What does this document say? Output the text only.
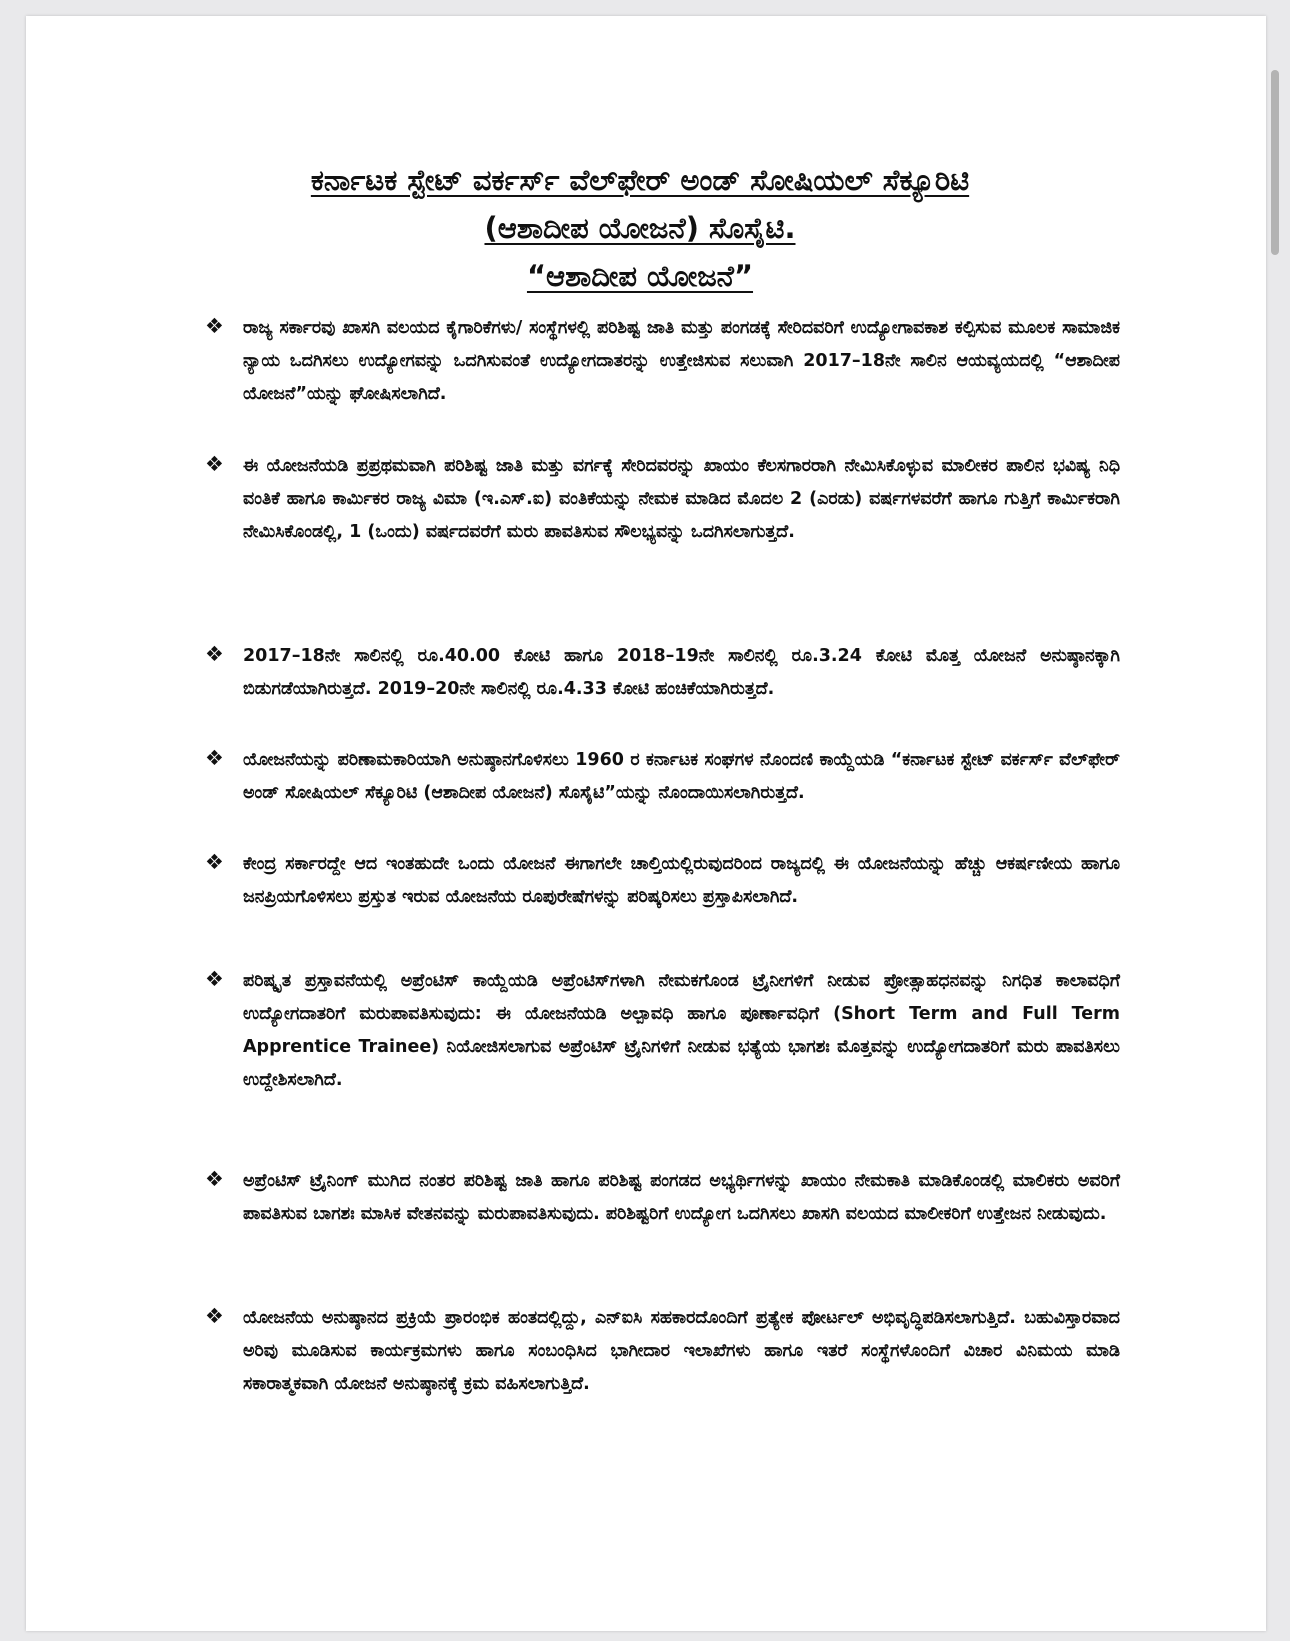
ಕರ್ನಾಟಕ ಸ್ಟೇಟ್ ವರ್ಕರ್ಸ್ ವೆಲ್‌ಫೇರ್ ಅಂಡ್ ಸೋಷಿಯಲ್ ಸೆಕ್ಯೂರಿಟಿ
(ಆಶಾದೀಪ ಯೋಜನೆ) ಸೊಸೈಟಿ.
“ಆಶಾದೀಪ ಯೋಜನೆ”
❖ ರಾಜ್ಯ ಸರ್ಕಾರವು ಖಾಸಗಿ ವಲಯದ ಕೈಗಾರಿಕೆಗಳು/ ಸಂಸ್ಥೆಗಳಲ್ಲಿ ಪರಿಶಿಷ್ಟ ಜಾತಿ ಮತ್ತು ಪಂಗಡಕ್ಕೆ ಸೇರಿದವರಿಗೆ ಉದ್ಯೋಗಾವಕಾಶ ಕಲ್ಪಿಸುವ ಮೂಲಕ ಸಾಮಾಜಿಕ ನ್ಯಾಯ ಒದಗಿಸಲು ಉದ್ಯೋಗವನ್ನು ಒದಗಿಸುವಂತೆ ಉದ್ಯೋಗದಾತರನ್ನು ಉತ್ತೇಜಿಸುವ ಸಲುವಾಗಿ 2017–18ನೇ ಸಾಲಿನ ಆಯವ್ಯಯದಲ್ಲಿ “ಆಶಾದೀಪ ಯೋಜನೆ”ಯನ್ನು ಘೋಷಿಸಲಾಗಿದೆ.
❖ ಈ ಯೋಜನೆಯಡಿ ಪ್ರಪ್ರಥಮವಾಗಿ ಪರಿಶಿಷ್ಟ ಜಾತಿ ಮತ್ತು ವರ್ಗಕ್ಕೆ ಸೇರಿದವರನ್ನು ಖಾಯಂ ಕೆಲಸಗಾರರಾಗಿ ನೇಮಿಸಿಕೊಳ್ಳುವ ಮಾಲೀಕರ ಪಾಲಿನ ಭವಿಷ್ಯ ನಿಧಿ ವಂತಿಕೆ ಹಾಗೂ ಕಾರ್ಮಿಕರ ರಾಜ್ಯ ವಿಮಾ (ಇ.ಎಸ್.ಐ) ವಂತಿಕೆಯನ್ನು ನೇಮಕ ಮಾಡಿದ ಮೊದಲ 2 (ಎರಡು) ವರ್ಷಗಳವರೆಗೆ ಹಾಗೂ ಗುತ್ತಿಗೆ ಕಾರ್ಮಿಕರಾಗಿ ನೇಮಿಸಿಕೊಂಡಲ್ಲಿ, 1 (ಒಂದು) ವರ್ಷದವರೆಗೆ ಮರು ಪಾವತಿಸುವ ಸೌಲಭ್ಯವನ್ನು ಒದಗಿಸಲಾಗುತ್ತದೆ.
❖ 2017–18ನೇ ಸಾಲಿನಲ್ಲಿ ರೂ.40.00 ಕೋಟಿ ಹಾಗೂ 2018–19ನೇ ಸಾಲಿನಲ್ಲಿ ರೂ.3.24 ಕೋಟಿ ಮೊತ್ತ ಯೋಜನೆ ಅನುಷ್ಠಾನಕ್ಕಾಗಿ ಬಿಡುಗಡೆಯಾಗಿರುತ್ತದೆ. 2019–20ನೇ ಸಾಲಿನಲ್ಲಿ ರೂ.4.33 ಕೋಟಿ ಹಂಚಿಕೆಯಾಗಿರುತ್ತದೆ.
❖ ಯೋಜನೆಯನ್ನು ಪರಿಣಾಮಕಾರಿಯಾಗಿ ಅನುಷ್ಠಾನಗೊಳಿಸಲು 1960 ರ ಕರ್ನಾಟಕ ಸಂಘಗಳ ನೊಂದಣಿ ಕಾಯ್ದೆಯಡಿ “ಕರ್ನಾಟಕ ಸ್ಟೇಟ್ ವರ್ಕರ್ಸ್ ವೆಲ್‌ಫೇರ್ ಅಂಡ್ ಸೋಷಿಯಲ್ ಸೆಕ್ಯೂರಿಟಿ (ಆಶಾದೀಪ ಯೋಜನೆ) ಸೊಸೈಟಿ”ಯನ್ನು ನೊಂದಾಯಿಸಲಾಗಿರುತ್ತದೆ.
❖ ಕೇಂದ್ರ ಸರ್ಕಾರದ್ದೇ ಆದ ಇಂತಹುದೇ ಒಂದು ಯೋಜನೆ ಈಗಾಗಲೇ ಚಾಲ್ತಿಯಲ್ಲಿರುವುದರಿಂದ ರಾಜ್ಯದಲ್ಲಿ ಈ ಯೋಜನೆಯನ್ನು ಹೆಚ್ಚು ಆಕರ್ಷಣೀಯ ಹಾಗೂ ಜನಪ್ರಿಯಗೊಳಿಸಲು ಪ್ರಸ್ತುತ ಇರುವ ಯೋಜನೆಯ ರೂಪುರೇಷೆಗಳನ್ನು ಪರಿಷ್ಕರಿಸಲು ಪ್ರಸ್ತಾಪಿಸಲಾಗಿದೆ.
❖ ಪರಿಷ್ಕೃತ ಪ್ರಸ್ತಾವನೆಯಲ್ಲಿ ಅಪ್ರೆಂಟಿಸ್ ಕಾಯ್ದೆಯಡಿ ಅಪ್ರೆಂಟಿಸ್‌ಗಳಾಗಿ ನೇಮಕಗೊಂಡ ಟ್ರೈನೀಗಳಿಗೆ ನೀಡುವ ಪ್ರೋತ್ಸಾಹಧನವನ್ನು ನಿಗಧಿತ ಕಾಲಾವಧಿಗೆ ಉದ್ಯೋಗದಾತರಿಗೆ ಮರುಪಾವತಿಸುವುದು: ಈ ಯೋಜನೆಯಡಿ ಅಲ್ಪಾವಧಿ ಹಾಗೂ ಪೂರ್ಣಾವಧಿಗೆ (Short Term and Full Term Apprentice Trainee) ನಿಯೋಜಿಸಲಾಗುವ ಅಪ್ರೆಂಟಿಸ್ ಟ್ರೈನಿಗಳಿಗೆ ನೀಡುವ ಭತ್ಯೆಯ ಭಾಗಶಃ ಮೊತ್ತವನ್ನು ಉದ್ಯೋಗದಾತರಿಗೆ ಮರು ಪಾವತಿಸಲು ಉದ್ದೇಶಿಸಲಾಗಿದೆ.
❖ ಅಪ್ರೆಂಟಿಸ್ ಟ್ರೈನಿಂಗ್ ಮುಗಿದ ನಂತರ ಪರಿಶಿಷ್ಟ ಜಾತಿ ಹಾಗೂ ಪರಿಶಿಷ್ಟ ಪಂಗಡದ ಅಭ್ಯರ್ಥಿಗಳನ್ನು ಖಾಯಂ ನೇಮಕಾತಿ ಮಾಡಿಕೊಂಡಲ್ಲಿ ಮಾಲಿಕರು ಅವರಿಗೆ ಪಾವತಿಸುವ ಬಾಗಶಃ ಮಾಸಿಕ ವೇತನವನ್ನು ಮರುಪಾವತಿಸುವುದು. ಪರಿಶಿಷ್ಟರಿಗೆ ಉದ್ಯೋಗ ಒದಗಿಸಲು ಖಾಸಗಿ ವಲಯದ ಮಾಲೀಕರಿಗೆ ಉತ್ತೇಜನ ನೀಡುವುದು.
❖ ಯೋಜನೆಯ ಅನುಷ್ಠಾನದ ಪ್ರಕ್ರಿಯೆ ಪ್ರಾರಂಭಿಕ ಹಂತದಲ್ಲಿದ್ದು, ಎನ್‌ಐಸಿ ಸಹಕಾರದೊಂದಿಗೆ ಪ್ರತ್ಯೇಕ ಪೋರ್ಟಲ್ ಅಭಿವೃದ್ಧಿಪಡಿಸಲಾಗುತ್ತಿದೆ. ಬಹುವಿಸ್ತಾರವಾದ ಅರಿವು ಮೂಡಿಸುವ ಕಾರ್ಯಕ್ರಮಗಳು ಹಾಗೂ ಸಂಬಂಧಿಸಿದ ಭಾಗೀದಾರ ಇಲಾಖೆಗಳು ಹಾಗೂ ಇತರೆ ಸಂಸ್ಥೆಗಳೊಂದಿಗೆ ವಿಚಾರ ವಿನಿಮಯ ಮಾಡಿ ಸಕಾರಾತ್ಮಕವಾಗಿ ಯೋಜನೆ ಅನುಷ್ಠಾನಕ್ಕೆ ಕ್ರಮ ವಹಿಸಲಾಗುತ್ತಿದೆ.
